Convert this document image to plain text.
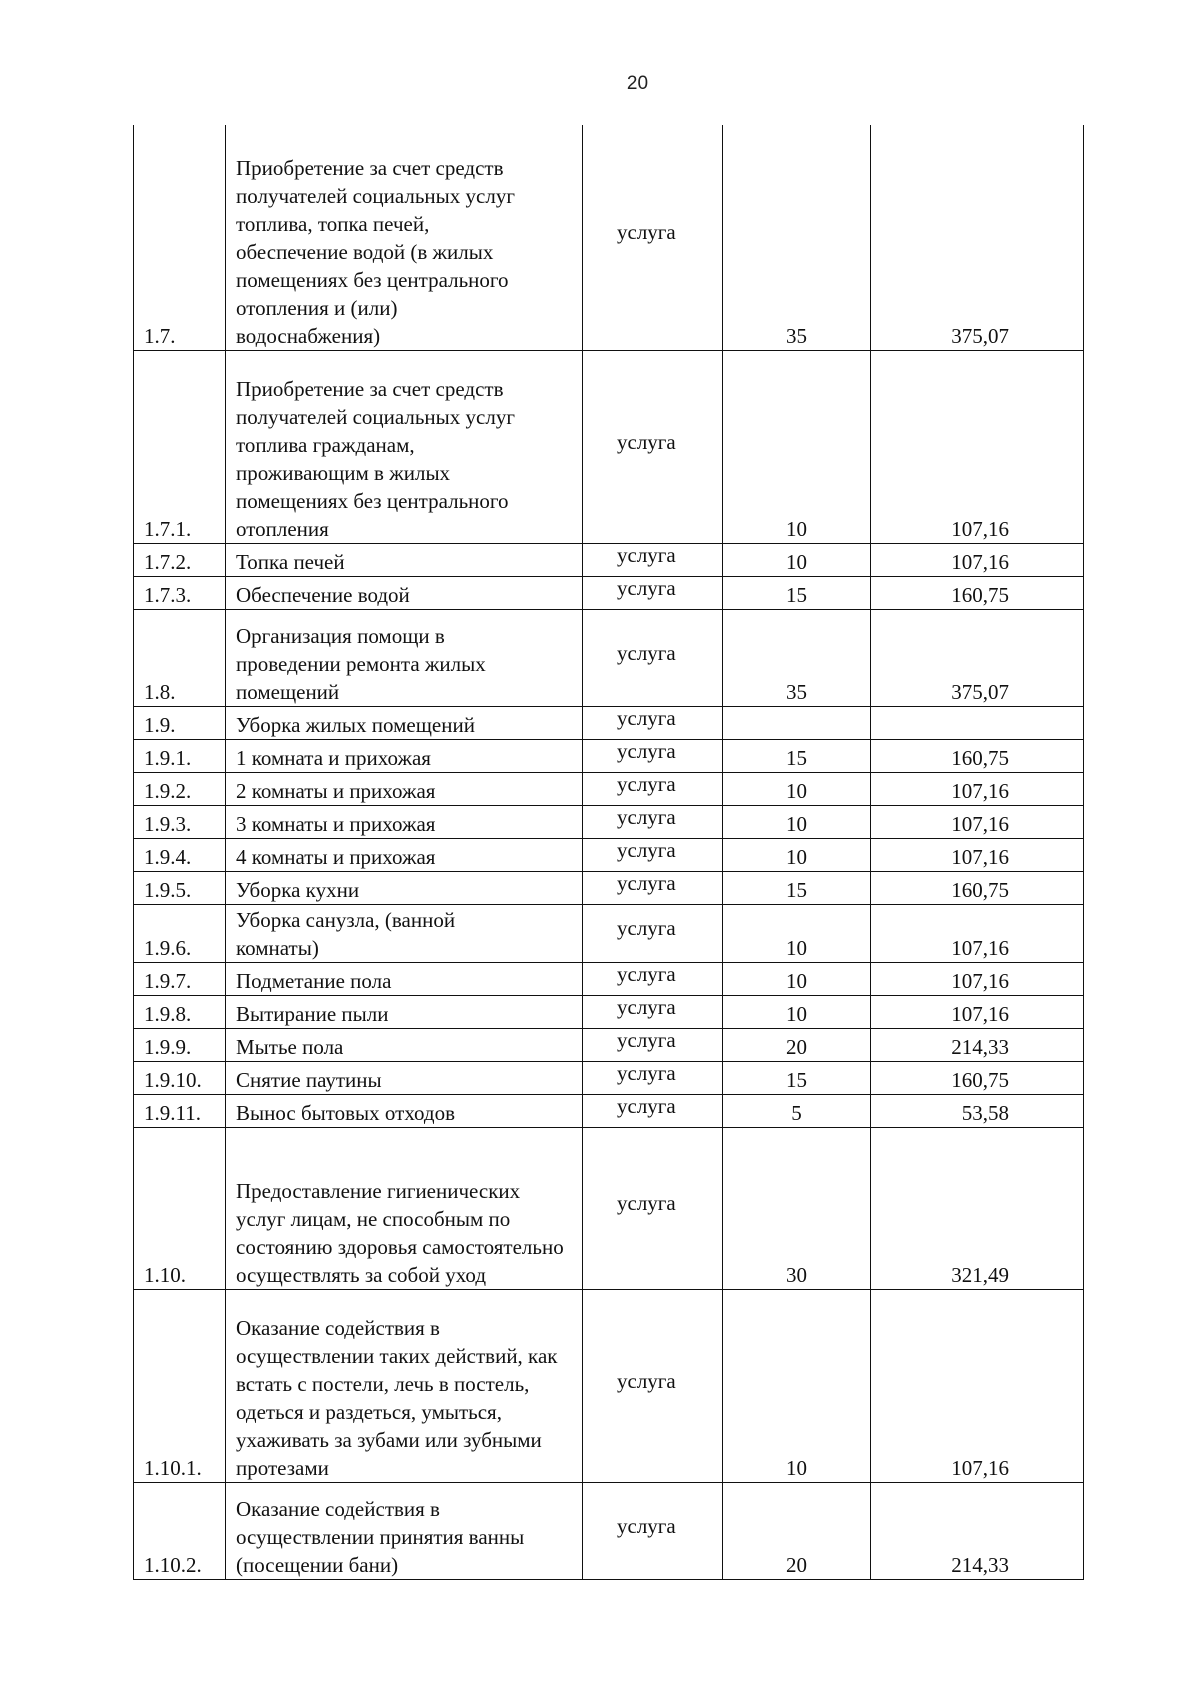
20
1.7.	Приобретение за счет средств получателей социальных услуг топлива, топка печей, обеспечение водой (в жилых помещениях без центрального отопления и (или) водоснабжения)	услуга	35	375,07
1.7.1.	Приобретение за счет средств получателей социальных услуг топлива гражданам, проживающим в жилых помещениях без центрального отопления	услуга	10	107,16
1.7.2.	Топка печей	услуга	10	107,16
1.7.3.	Обеспечение водой	услуга	15	160,75
1.8.	Организация помощи в проведении ремонта жилых помещений	услуга	35	375,07
1.9.	Уборка жилых помещений	услуга		

1.9.1.	1 комната и прихожая	услуга	15	160,75
1.9.2.	2 комнаты и прихожая	услуга	10	107,16
1.9.3.	3 комнаты и прихожая	услуга	10	107,16
1.9.4.	4 комнаты и прихожая	услуга	10	107,16
1.9.5.	Уборка кухни	услуга	15	160,75
1.9.6.	Уборка санузла, (ванной комнаты)	услуга	10	107,16
1.9.7.	Подметание пола	услуга	10	107,16
1.9.8.	Вытирание пыли	услуга	10	107,16
1.9.9.	Мытье пола	услуга	20	214,33
1.9.10.	Снятие паутины	услуга	15	160,75
1.9.11.	Вынос бытовых отходов	услуга	5	53,58
1.10.	Предоставление гигиенических услуг лицам, не способным по состоянию здоровья самостоятельно осуществлять за собой уход	услуга	30	321,49
1.10.1.	Оказание содействия в осуществлении таких действий, как встать с постели, лечь в постель, одеться и раздеться, умыться, ухаживать за зубами или зубными протезами	услуга	10	107,16
1.10.2.	Оказание содействия в осуществлении принятия ванны (посещении бани)	услуга	20	214,33
